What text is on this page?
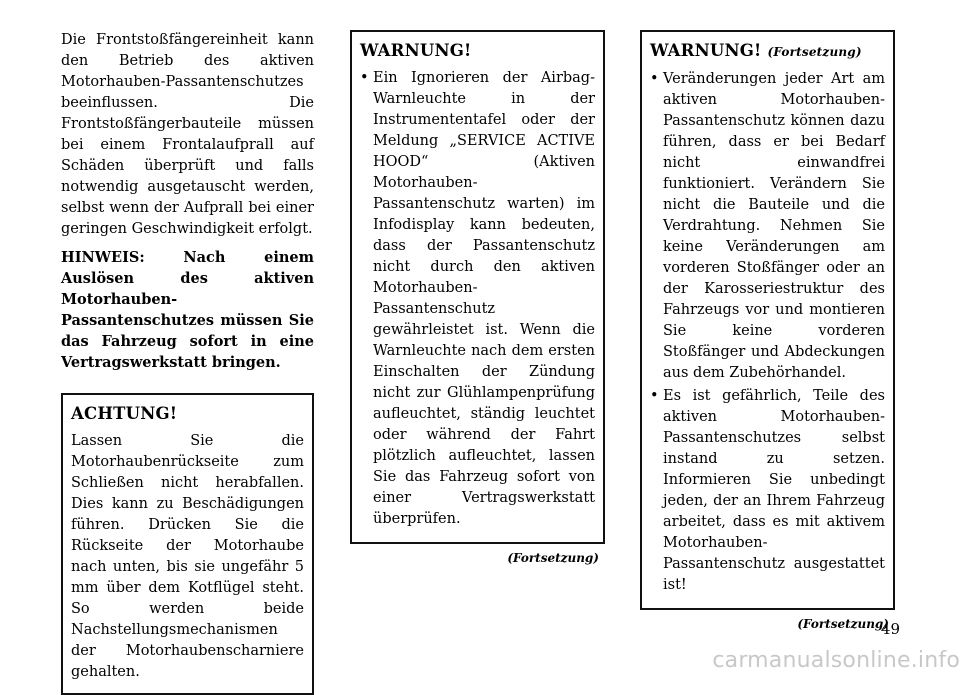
Die Frontstoßfängereinheit kann den Betrieb des aktiven Motorhauben-Passantenschutzes beeinflussen. Die Frontstoßfängerbauteile müssen bei einem Frontalaufprall auf Schäden überprüft und falls notwendig ausgetauscht werden, selbst wenn der Aufprall bei einer geringen Geschwindigkeit erfolgt.

HINWEIS: Nach einem Auslösen des aktiven Motorhauben-Passantenschutzes müssen Sie das Fahrzeug sofort in eine Vertragswerkstatt bringen.

ACHTUNG!

Lassen Sie die Motorhaubenrückseite zum Schließen nicht herabfallen. Dies kann zu Beschädigungen führen. Drücken Sie die Rückseite der Motorhaube nach unten, bis sie ungefähr 5 mm über dem Kotflügel steht. So werden beide Nachstellungsmechanismen der Motorhaubenscharniere gehalten.

WARNUNG!
• Ein Ignorieren der Airbag-Warnleuchte in der Instrumententafel oder der Meldung „SERVICE ACTIVE HOOD“ (Aktiven Motorhauben-Passantenschutz warten) im Infodisplay kann bedeuten, dass der Passantenschutz nicht durch den aktiven Motorhauben-Passantenschutz gewährleistet ist. Wenn die Warnleuchte nach dem ersten Einschalten der Zündung nicht zur Glühlampenprüfung aufleuchtet, ständig leuchtet oder während der Fahrt plötzlich aufleuchtet, lassen Sie das Fahrzeug sofort von einer Vertragswerkstatt überprüfen.
(Fortsetzung)
WARNUNG! (Fortsetzung)
• Veränderungen jeder Art am aktiven Motorhauben-Passantenschutz können dazu führen, dass er bei Bedarf nicht einwandfrei funktioniert. Verändern Sie nicht die Bauteile und die Verdrahtung. Nehmen Sie keine Veränderungen am vorderen Stoßfänger oder an der Karosseriestruktur des Fahrzeugs vor und montieren Sie keine vorderen Stoßfänger und Abdeckungen aus dem Zubehörhandel.
• Es ist gefährlich, Teile des aktiven Motorhauben-Passantenschutzes selbst instand zu setzen. Informieren Sie unbedingt jeden, der an Ihrem Fahrzeug arbeitet, dass es mit aktivem Motorhauben-Passantenschutz ausgestattet ist!
(Fortsetzung)
49
carmanualsonline.info
